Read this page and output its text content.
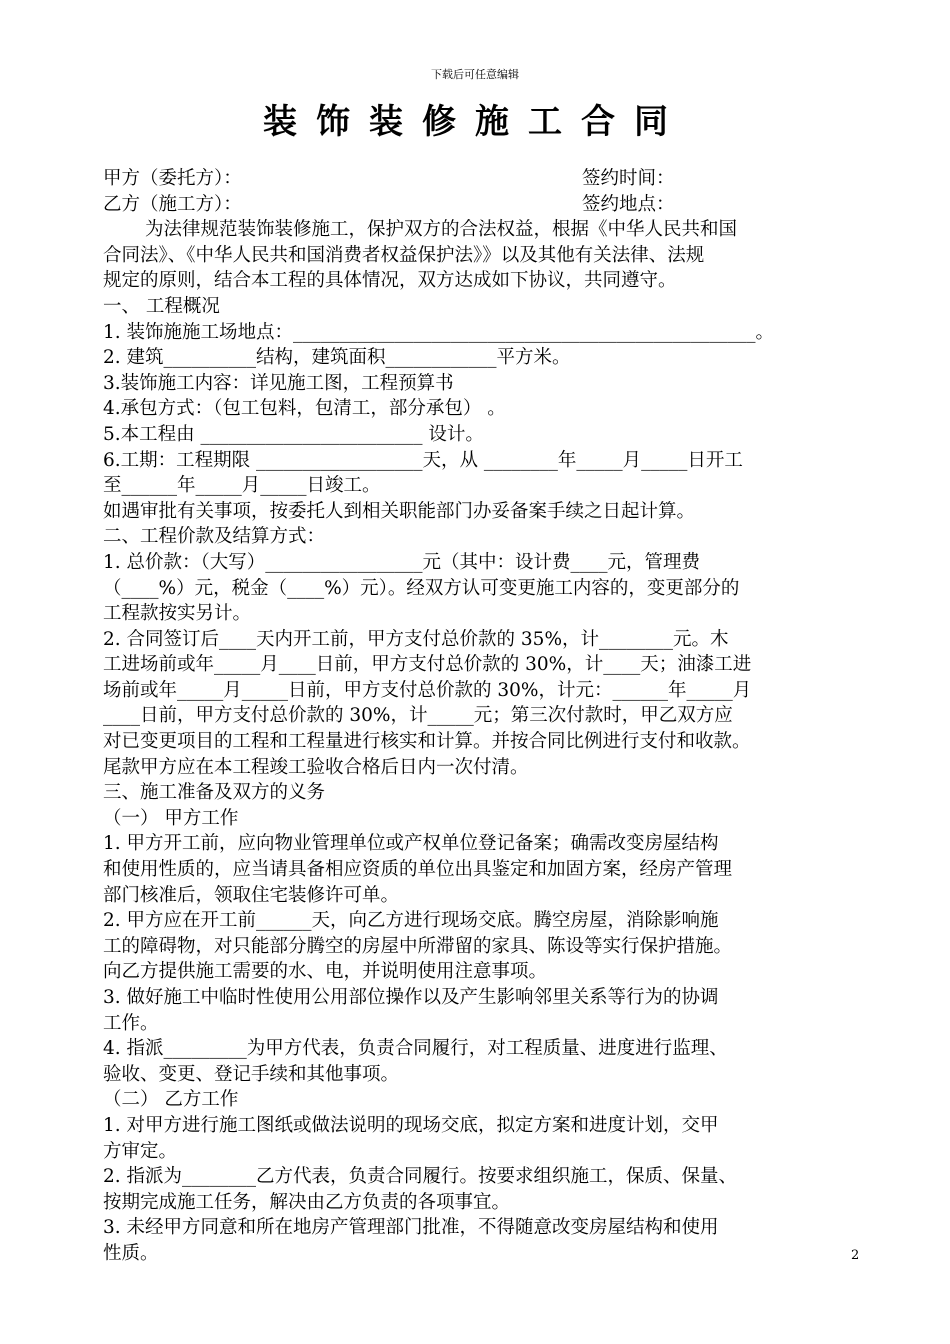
下载后可任意编辑
装饰装修施工合同
甲方（委托方）：	签约时间：
乙方（施工方）：	签约地点：
为法律规范装饰装修施工，保护双方的合法权益，根据《中华人民共和国
合同法》、《中华人民共和国消费者权益保护法》》以及其他有关法律、法规
规定的原则，结合本工程的具体情况，双方达成如下协议，共同遵守。
一、 工程概况
1. 装饰施施工场地点：__________________________________________________。
2. 建筑__________结构，建筑面积____________平方米。
3.装饰施工内容：详见施工图，工程预算书
4.承包方式：（包工包料，包清工，部分承包） 。
5.本工程由 ________________________ 设计。
6.工期：工程期限 __________________天，从 ________年_____月_____日开工
至______年_____月_____日竣工。
如遇审批有关事项，按委托人到相关职能部门办妥备案手续之日起计算。
二、工程价款及结算方式：
1. 总价款：（大写）_________________元（其中：设计费____元，管理费
（____%）元，税金（____%）元）。经双方认可变更施工内容的，变更部分的
工程款按实另计。
2. 合同签订后____天内开工前，甲方支付总价款的 35%，计________元。木
工进场前或年_____月____日前，甲方支付总价款的 30%，计____天；油漆工进
场前或年_____月_____日前，甲方支付总价款的 30%，计元：______年_____月
____日前，甲方支付总价款的 30%，计_____元；第三次付款时，甲乙双方应
对已变更项目的工程和工程量进行核实和计算。并按合同比例进行支付和收款。
尾款甲方应在本工程竣工验收合格后日内一次付清。
三、施工准备及双方的义务
（一） 甲方工作
1. 甲方开工前，应向物业管理单位或产权单位登记备案；确需改变房屋结构
和使用性质的，应当请具备相应资质的单位出具鉴定和加固方案，经房产管理
部门核准后，领取住宅装修许可单。
2. 甲方应在开工前______天，向乙方进行现场交底。腾空房屋，消除影响施
工的障碍物，对只能部分腾空的房屋中所滞留的家具、陈设等实行保护措施。
向乙方提供施工需要的水、电，并说明使用注意事项。
3. 做好施工中临时性使用公用部位操作以及产生影响邻里关系等行为的协调
工作。
4. 指派_________为甲方代表，负责合同履行，对工程质量、进度进行监理、
验收、变更、登记手续和其他事项。
（二） 乙方工作
1. 对甲方进行施工图纸或做法说明的现场交底，拟定方案和进度计划，交甲
方审定。
2. 指派为________乙方代表，负责合同履行。按要求组织施工，保质、保量、
按期完成施工任务，解决由乙方负责的各项事宜。
3. 未经甲方同意和所在地房产管理部门批准，不得随意改变房屋结构和使用
性质。	2
